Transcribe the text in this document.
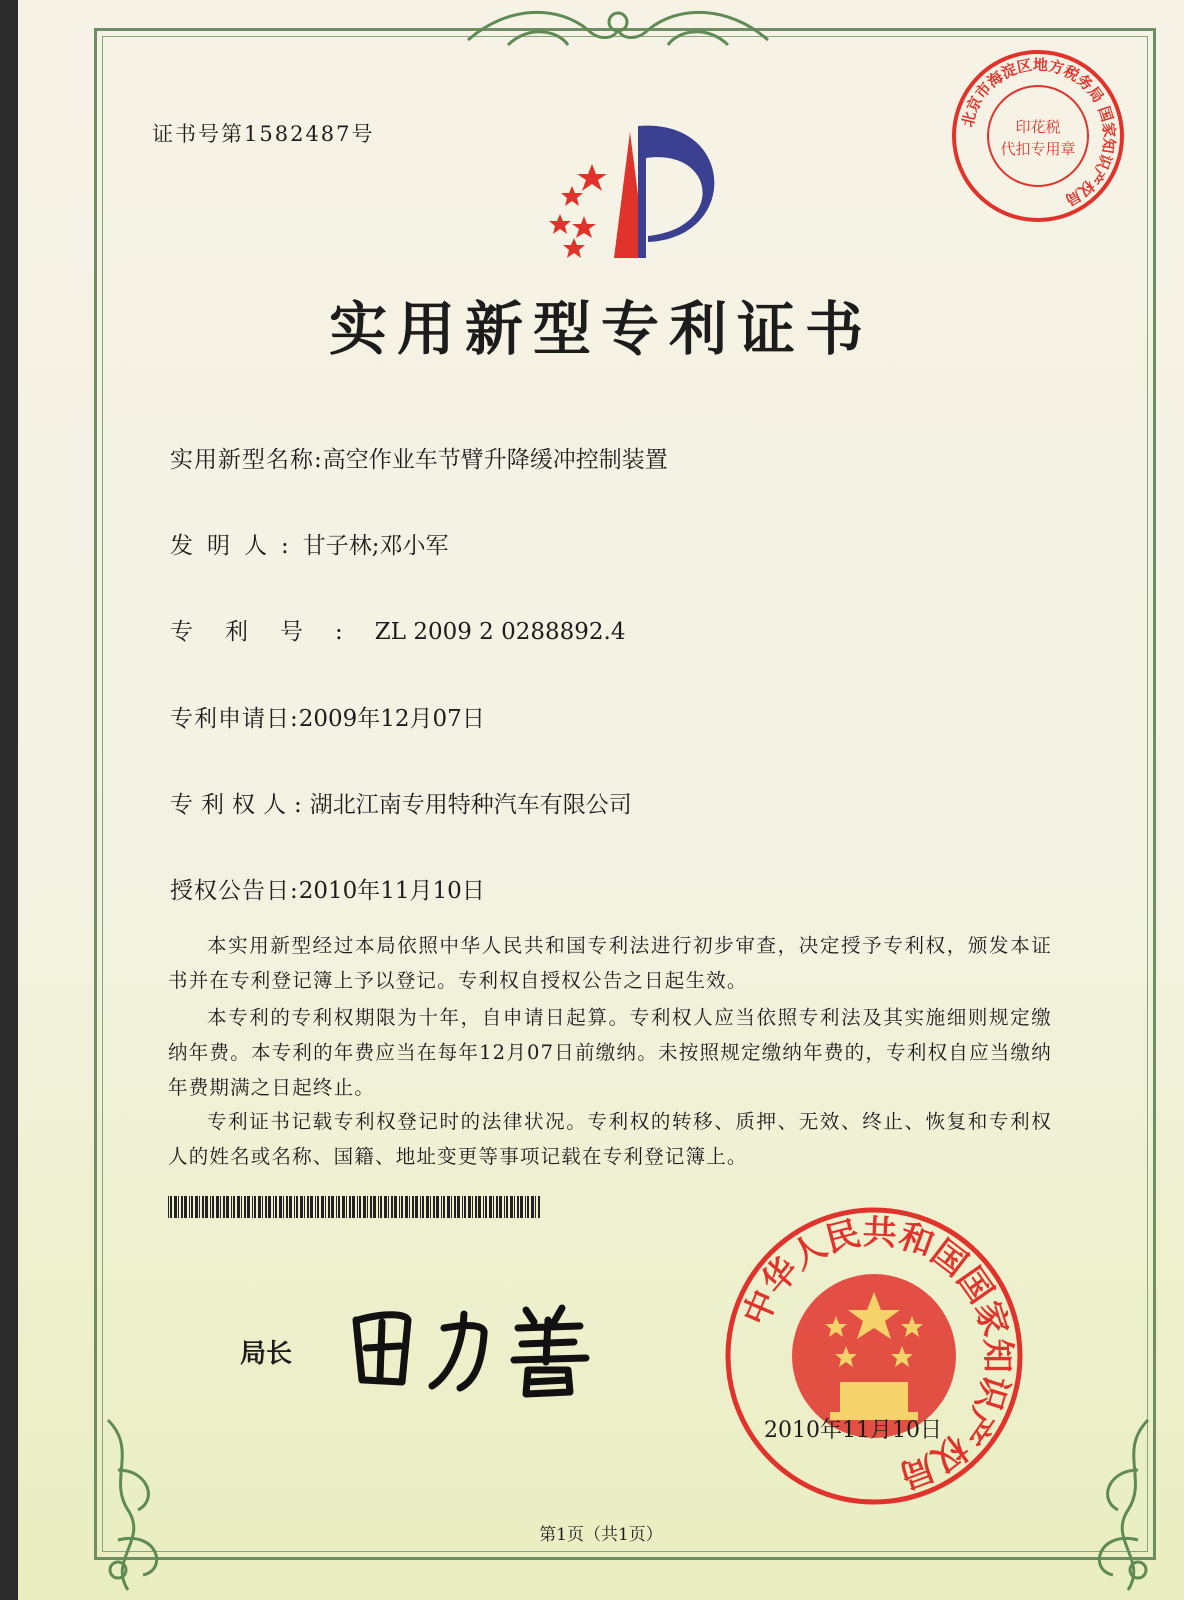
北京市海淀区地方税务局 国家知识产权局
印花税
代扣专用章
证书号第1582487号
实用新型专利证书
实用新型名称:高空作业车节臂升降缓冲控制装置
发明人:甘子林;邓小军
专利号:ZL 2009 2 0288892.4
专利申请日:2009年12月07日
专利权人:湖北江南专用特种汽车有限公司
授权公告日:2010年11月10日
本实用新型经过本局依照中华人民共和国专利法进行初步审查，决定授予专利权，颁发本证书并在专利登记簿上予以登记。专利权自授权公告之日起生效。
本专利的专利权期限为十年，自申请日起算。专利权人应当依照专利法及其实施细则规定缴纳年费。本专利的年费应当在每年12月07日前缴纳。未按照规定缴纳年费的，专利权自应当缴纳年费期满之日起终止。
专利证书记载专利权登记时的法律状况。专利权的转移、质押、无效、终止、恢复和专利权人的姓名或名称、国籍、地址变更等事项记载在专利登记簿上。
局长
中华人民共和国国家知识产权局
2010年11月10日
第1页（共1页）
